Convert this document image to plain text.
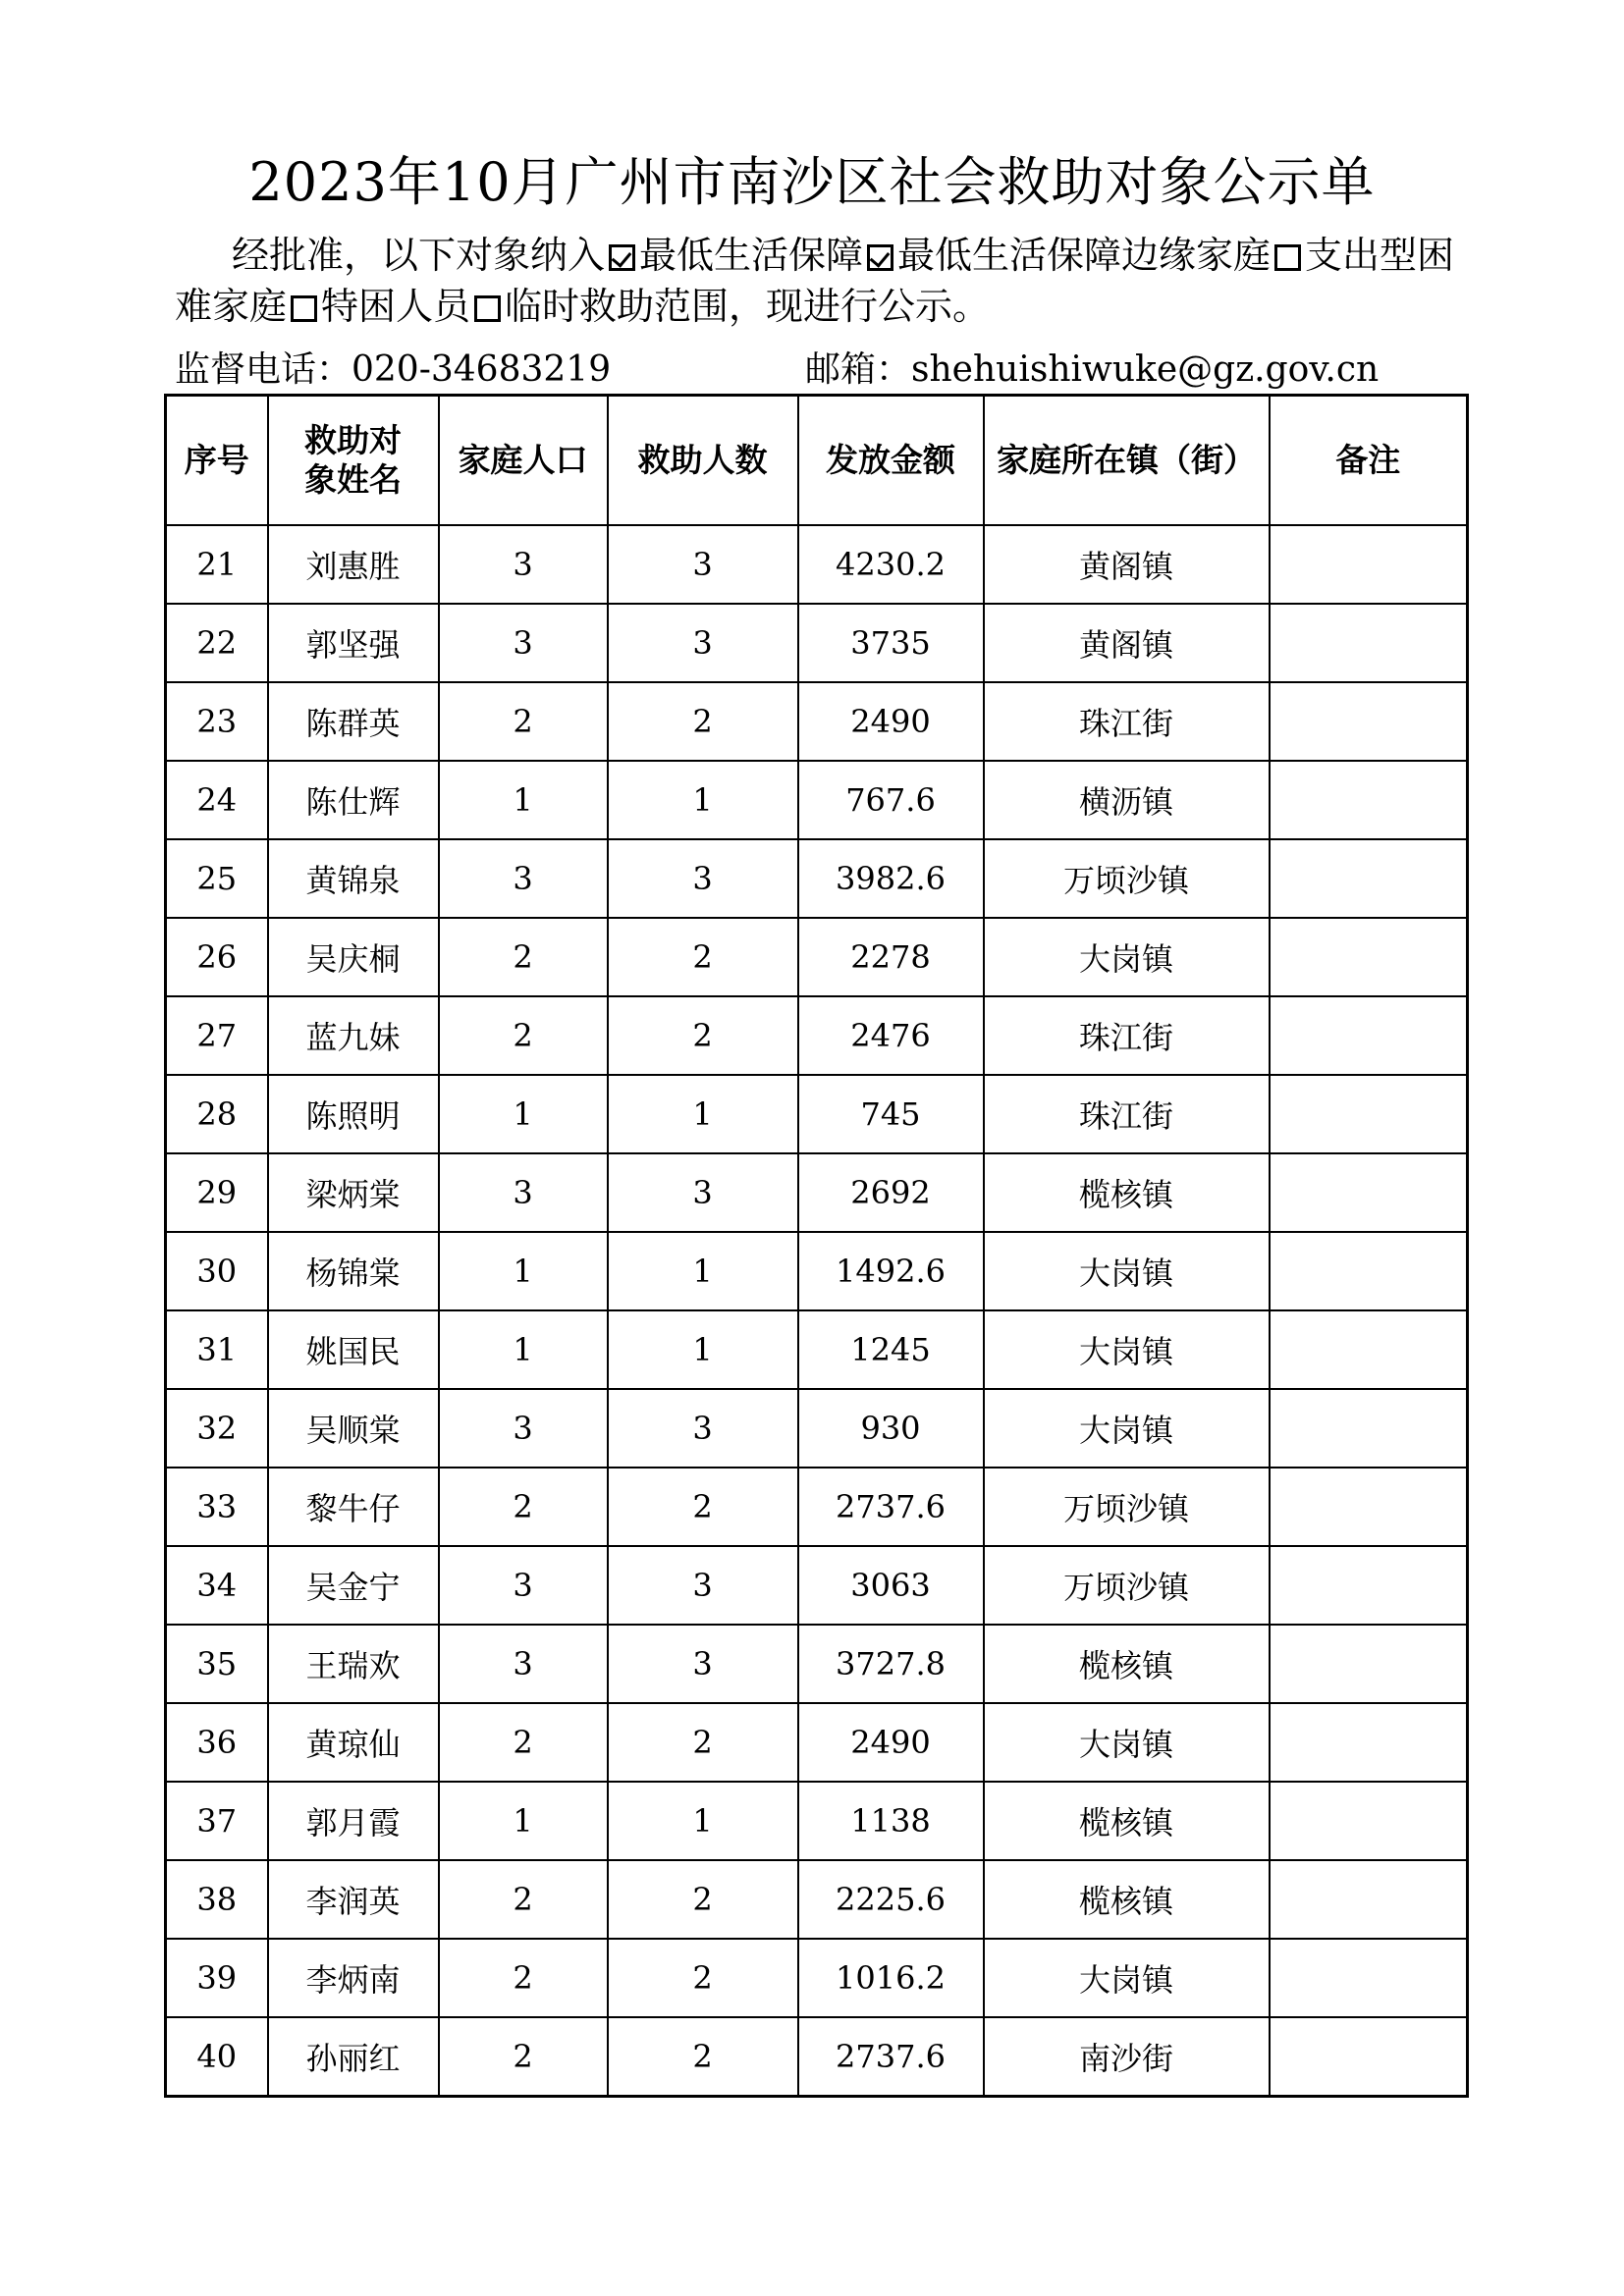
2023年10月广州市南沙区社会救助对象公示单
经批准，以下对象纳入 最低生活保障 最低生活保障边缘家庭 支出型困难家庭 特困人员 临时救助范围，现进行公示。
监督电话：020-34683219	邮箱：shehuishiwuke@gz.gov.cn
序号	救助对象姓名	家庭人口	救助人数	发放金额	家庭所在镇（街）	备注
21	刘惠胜	3	3	4230.2	黄阁镇	
22	郭坚强	3	3	3735	黄阁镇	
23	陈群英	2	2	2490	珠江街	
24	陈仕辉	1	1	767.6	横沥镇	
25	黄锦泉	3	3	3982.6	万顷沙镇	
26	吴庆桐	2	2	2278	大岗镇	
27	蓝九妹	2	2	2476	珠江街	
28	陈照明	1	1	745	珠江街	
29	梁炳棠	3	3	2692	榄核镇	
30	杨锦棠	1	1	1492.6	大岗镇	
31	姚国民	1	1	1245	大岗镇	
32	吴顺棠	3	3	930	大岗镇	
33	黎牛仔	2	2	2737.6	万顷沙镇	
34	吴金宁	3	3	3063	万顷沙镇	
35	王瑞欢	3	3	3727.8	榄核镇	
36	黄琼仙	2	2	2490	大岗镇	
37	郭月霞	1	1	1138	榄核镇	
38	李润英	2	2	2225.6	榄核镇	
39	李炳南	2	2	1016.2	大岗镇	
40	孙丽红	2	2	2737.6	南沙街	
